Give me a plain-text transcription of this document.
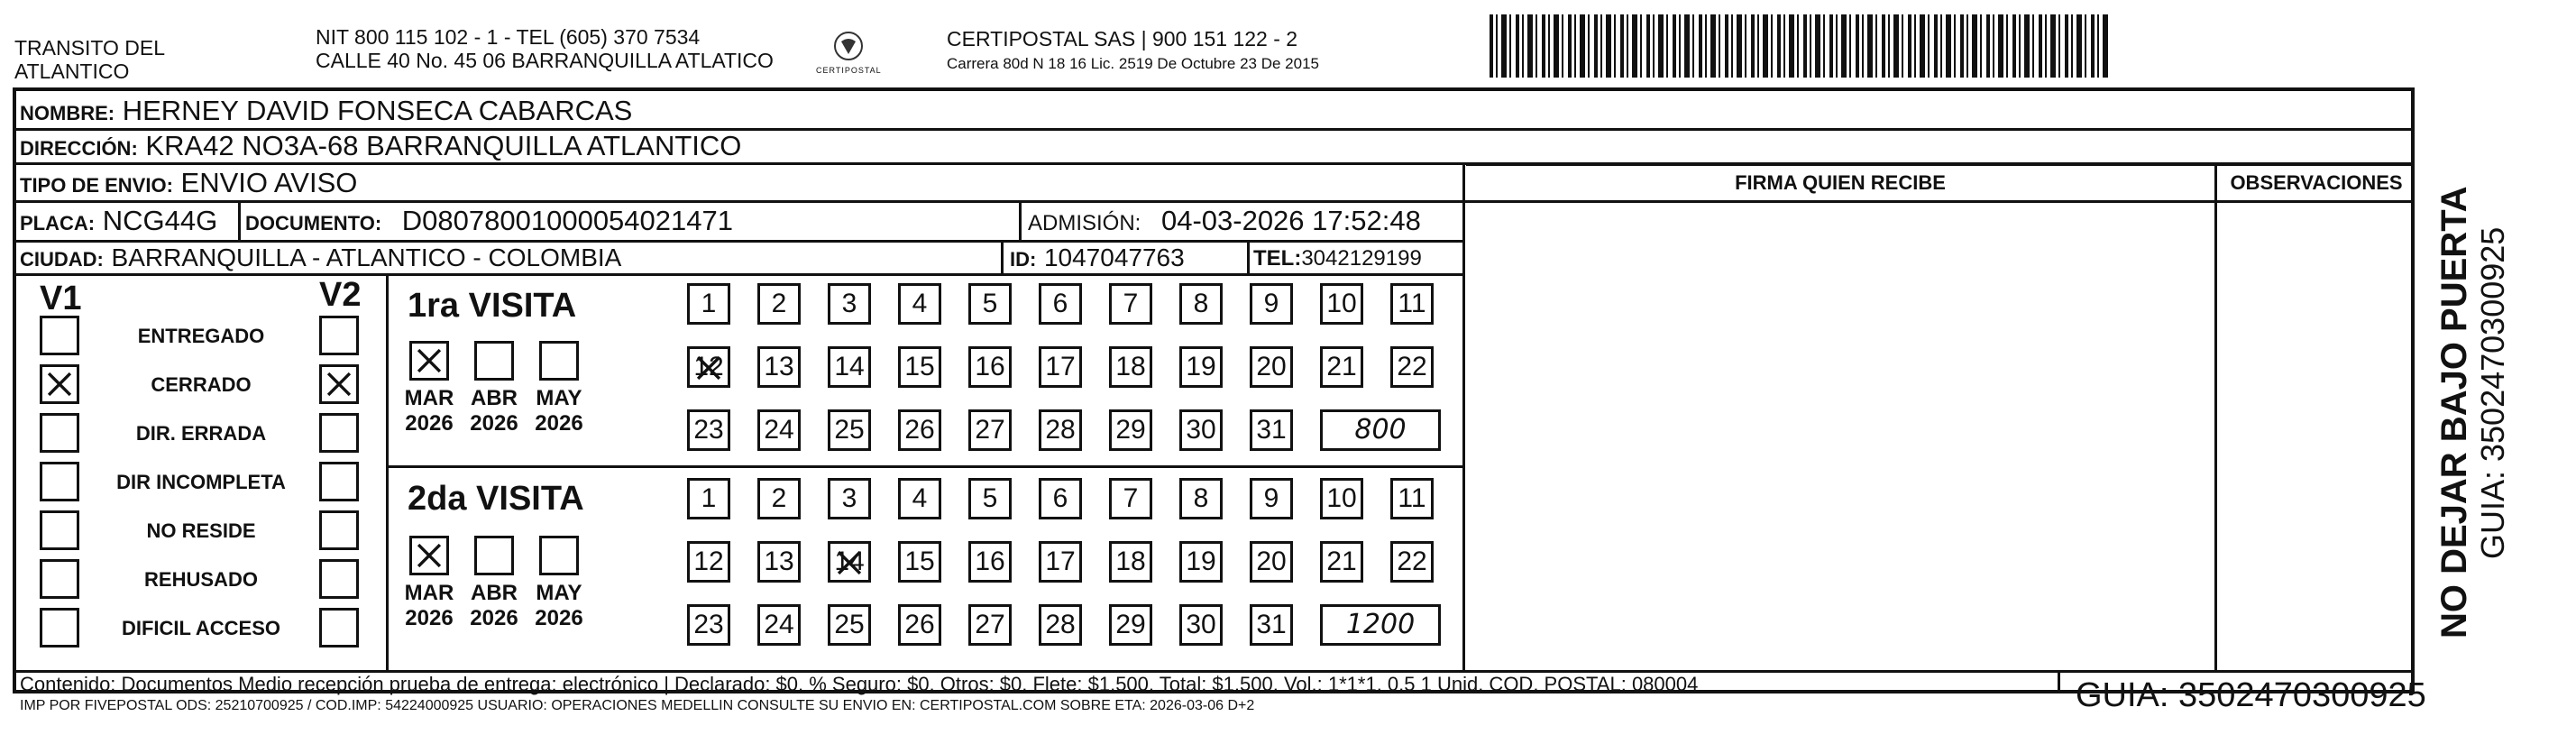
TRANSITO DEL
ATLANTICO
NIT 800 115 102 - 1 - TEL (605) 370 7534
CALLE 40 No. 45 06 BARRANQUILLA ATLATICO	CERTIPOSTAL
CERTIPOSTAL SAS | 900 151 122 - 2
Carrera 80d N 18 16 Lic. 2519 De Octubre 23 De 2015
NOMBRE: HERNEY DAVID FONSECA CABARCAS
DIRECCIÓN: KRA42 NO3A-68 BARRANQUILLA ATLANTICO
TIPO DE ENVIO: ENVIO AVISO
PLACA: NCG44G DOCUMENTO: D08078001000054021471	ADMISIÓN: 04-03-2026 17:52:48
CIUDAD: BARRANQUILLA - ATLANTICO - COLOMBIA	ID: 1047047763	TEL:3042129199
FIRMA QUIEN RECIBE	OBSERVACIONES
V1	V2
ENTREGADO
CERRADO
DIR. ERRADA
DIR INCOMPLETA
NO RESIDE
REHUSADO
DIFICIL ACCESO
1ra VISITA
2da VISITA
MAR
2026
ABR
2026
MAY
2026
1	2	3	4	5	6	7	8	9	10 11
12 13 14 15 16 17 18 19 20 21 22
23 24 25 26 27 28 29 30 31	800
MAR
2026
ABR
2026
MAY
2026
1	2	3	4	5	6	7	8	9	10 11
12 13 14 15 16 17 18 19 20 21 22
23 24 25 26 27 28 29 30 31	1200
Contenido: Documentos Medio recepción prueba de entrega: electrónico | Declarado: $0, % Seguro: $0, Otros: $0, Flete: $1,500, Total: $1,500. Vol.: 1*1*1. 0.5 1 Unid. COD. POSTAL: 080004
IMP POR FIVEPOSTAL ODS: 25210700925 / COD.IMP: 54224000925 USUARIO: OPERACIONES MEDELLIN CONSULTE SU ENVIO EN: CERTIPOSTAL.COM SOBRE ETA: 2026-03-06 D+2	GUIA: 3502470300925
NO DEJAR BAJO PUERTA GUIA: 3502470300925
